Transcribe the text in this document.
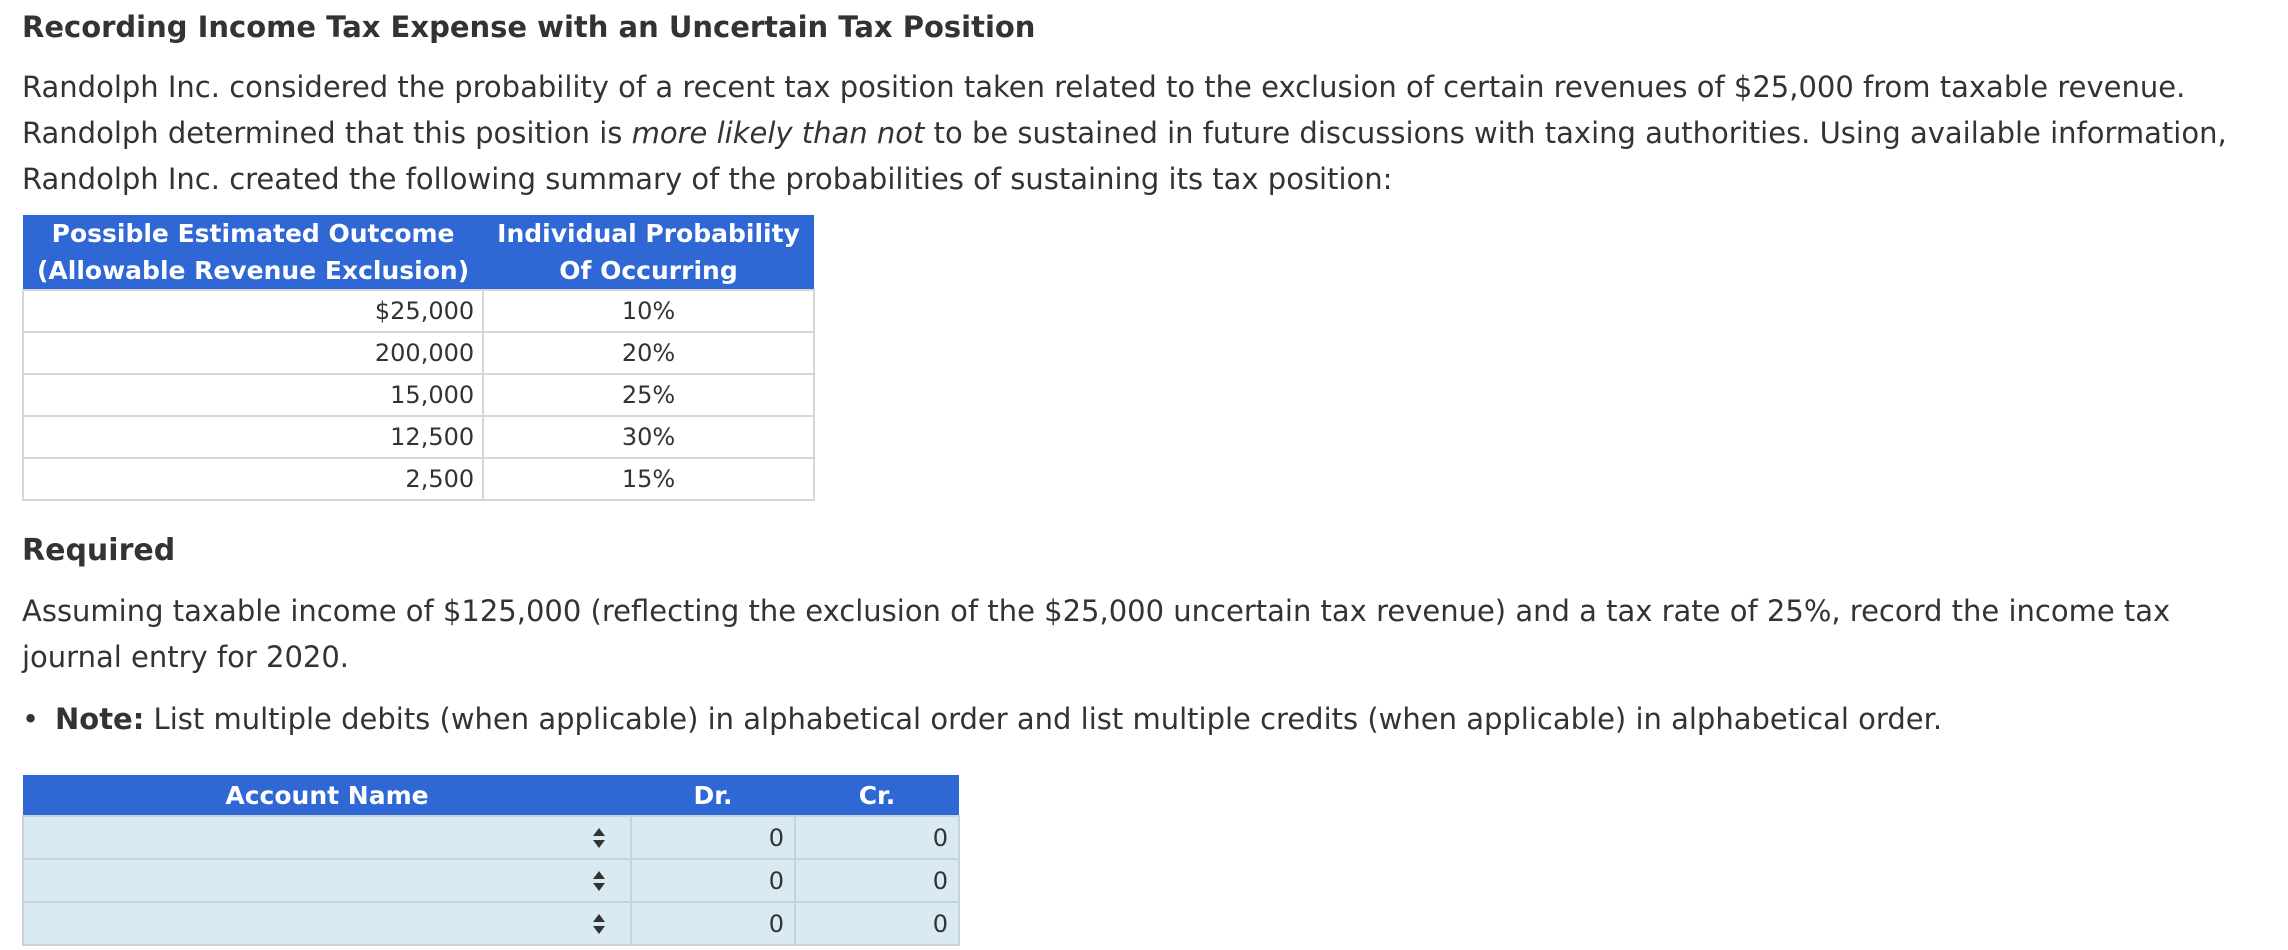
Recording Income Tax Expense with an Uncertain Tax Position

Randolph Inc. considered the probability of a recent tax position taken related to the exclusion of certain revenues of $25,000 from taxable revenue. Randolph determined that this position is more likely than not to be sustained in future discussions with taxing authorities. Using available information, Randolph Inc. created the following summary of the probabilities of sustaining its tax position:

Possible Estimated Outcome	Individual Probability
(Allowable Revenue Exclusion)	Of Occurring
$25,000	10%
200,000	20%
15,000	25%
12,500	30%
2,500	15%
Required

Assuming taxable income of $125,000 (reflecting the exclusion of the $25,000 uncertain tax revenue) and a tax rate of 25%, record the income tax journal entry for 2020.

• Note: List multiple debits (when applicable) in alphabetical order and list multiple credits (when applicable) in alphabetical order.

Account Name	Dr.	Cr.

	0	0

	0	0

	0	0
